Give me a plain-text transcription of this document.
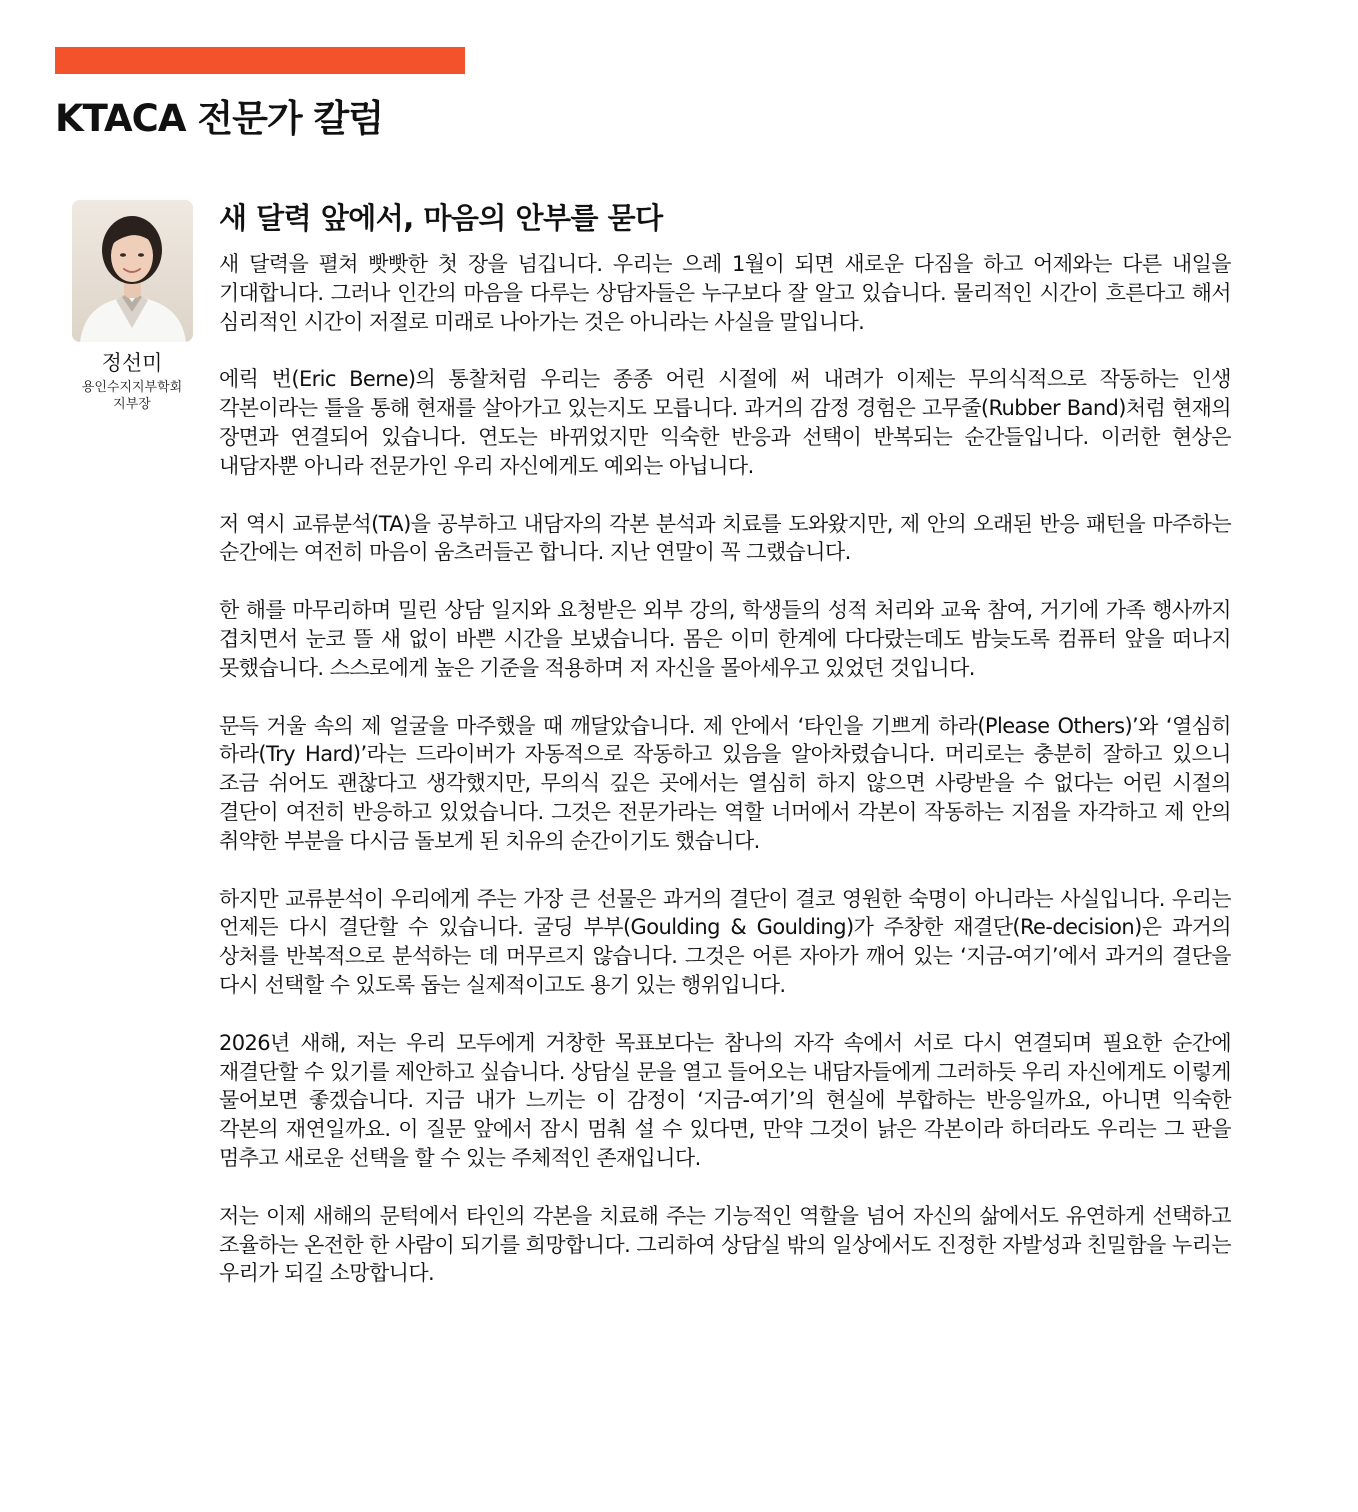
KTACA 전문가 칼럼
정선미
용인수지지부학회
지부장
새 달력 앞에서, 마음의 안부를 묻다

새 달력을 펼쳐 빳빳한 첫 장을 넘깁니다. 우리는 으레 1월이 되면 새로운 다짐을 하고 어제와는 다른 내일을 기대합니다. 그러나 인간의 마음을 다루는 상담자들은 누구보다 잘 알고 있습니다. 물리적인 시간이 흐른다고 해서 심리적인 시간이 저절로 미래로 나아가는 것은 아니라는 사실을 말입니다.

에릭 번(Eric Berne)의 통찰처럼 우리는 종종 어린 시절에 써 내려가 이제는 무의식적으로 작동하는 인생 각본이라는 틀을 통해 현재를 살아가고 있는지도 모릅니다. 과거의 감정 경험은 고무줄(Rubber Band)처럼 현재의 장면과 연결되어 있습니다. 연도는 바뀌었지만 익숙한 반응과 선택이 반복되는 순간들입니다. 이러한 현상은 내담자뿐 아니라 전문가인 우리 자신에게도 예외는 아닙니다.

저 역시 교류분석(TA)을 공부하고 내담자의 각본 분석과 치료를 도와왔지만, 제 안의 오래된 반응 패턴을 마주하는 순간에는 여전히 마음이 움츠러들곤 합니다. 지난 연말이 꼭 그랬습니다.

한 해를 마무리하며 밀린 상담 일지와 요청받은 외부 강의, 학생들의 성적 처리와 교육 참여, 거기에 가족 행사까지 겹치면서 눈코 뜰 새 없이 바쁜 시간을 보냈습니다. 몸은 이미 한계에 다다랐는데도 밤늦도록 컴퓨터 앞을 떠나지 못했습니다. 스스로에게 높은 기준을 적용하며 저 자신을 몰아세우고 있었던 것입니다.

문득 거울 속의 제 얼굴을 마주했을 때 깨달았습니다. 제 안에서 ‘타인을 기쁘게 하라(Please Others)’와 ‘열심히 하라(Try Hard)’라는 드라이버가 자동적으로 작동하고 있음을 알아차렸습니다. 머리로는 충분히 잘하고 있으니 조금 쉬어도 괜찮다고 생각했지만, 무의식 깊은 곳에서는 열심히 하지 않으면 사랑받을 수 없다는 어린 시절의 결단이 여전히 반응하고 있었습니다. 그것은 전문가라는 역할 너머에서 각본이 작동하는 지점을 자각하고 제 안의 취약한 부분을 다시금 돌보게 된 치유의 순간이기도 했습니다.

하지만 교류분석이 우리에게 주는 가장 큰 선물은 과거의 결단이 결코 영원한 숙명이 아니라는 사실입니다. 우리는 언제든 다시 결단할 수 있습니다. 굴딩 부부(Goulding & Goulding)가 주창한 재결단(Re-decision)은 과거의 상처를 반복적으로 분석하는 데 머무르지 않습니다. 그것은 어른 자아가 깨어 있는 ‘지금-여기’에서 과거의 결단을 다시 선택할 수 있도록 돕는 실제적이고도 용기 있는 행위입니다.

2026년 새해, 저는 우리 모두에게 거창한 목표보다는 참나의 자각 속에서 서로 다시 연결되며 필요한 순간에 재결단할 수 있기를 제안하고 싶습니다. 상담실 문을 열고 들어오는 내담자들에게 그러하듯 우리 자신에게도 이렇게 물어보면 좋겠습니다. 지금 내가 느끼는 이 감정이 ‘지금-여기’의 현실에 부합하는 반응일까요, 아니면 익숙한 각본의 재연일까요. 이 질문 앞에서 잠시 멈춰 설 수 있다면, 만약 그것이 낡은 각본이라 하더라도 우리는 그 판을 멈추고 새로운 선택을 할 수 있는 주체적인 존재입니다.

저는 이제 새해의 문턱에서 타인의 각본을 치료해 주는 기능적인 역할을 넘어 자신의 삶에서도 유연하게 선택하고 조율하는 온전한 한 사람이 되기를 희망합니다. 그리하여 상담실 밖의 일상에서도 진정한 자발성과 친밀함을 누리는 우리가 되길 소망합니다.
